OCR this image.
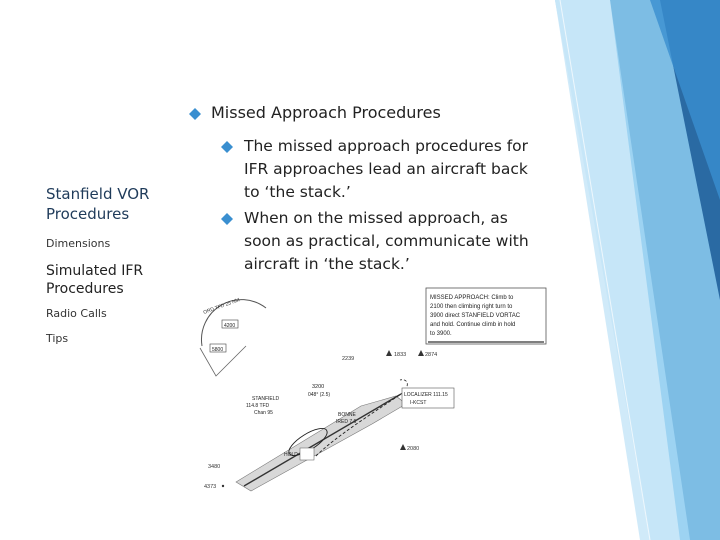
Stanfield VOR Procedures
Dimensions
Simulated IFR Procedures
Radio Calls
Tips
Missed Approach Procedures
The missed approach procedures for IFR approaches lead an aircraft back to ‘the stack.’
When on the missed approach, as soon as practical, communicate with aircraft in ‘the stack.’
MISSED APPROACH: Climb to
2100 then climbing right turn to
3900 direct STANFIELD VORTAC
and hold. Continue climb in hold
to 3900.
ORD TFD 25 NM
4200
5800
2239
1833	2874
3200
048° (2.5)
BONNE
IRED 7.6
STANFIELD
114.8 TFD
Chan 95
LOCALIZER 111.15
I-KCST
2080
HOLD
3480
4373
